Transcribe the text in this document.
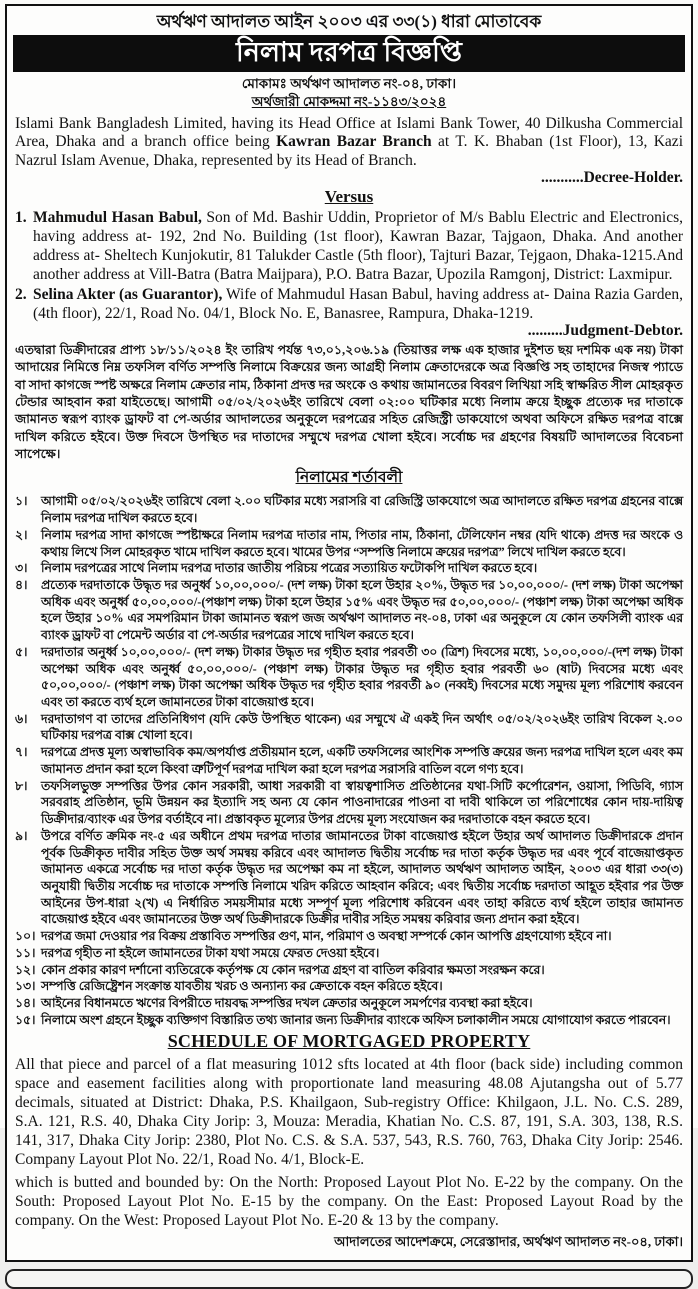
অর্থঋণ আদালত আইন ২০০৩ এর ৩৩(১) ধারা মোতাবেক
নিলাম দরপত্র বিজ্ঞপ্তি
মোকামঃ অর্থঋণ আদালত নং-০৪, ঢাকা।
অর্থজারী মোকদ্দমা নং-১১৪৩/২০২৪

Islami Bank Bangladesh Limited, having its Head Office at Islami Bank Tower, 40 Dilkusha Commercial Area, Dhaka and a branch office being Kawran Bazar Branch at T. K. Bhaban (1st Floor), 13, Kazi Nazrul Islam Avenue, Dhaka, represented by its Head of Branch.

...........Decree-Holder.
Versus
1. Mahmudul Hasan Babul, Son of Md. Bashir Uddin, Proprietor of M/s Bablu Electric and Electronics, having address at- 192, 2nd No. Building (1st floor), Kawran Bazar, Tajgaon, Dhaka. And another address at- Sheltech Kunjokutir, 81 Talukder Castle (5th floor), Tajturi Bazar, Tejgaon, Dhaka-1215.And another address at Vill-Batra (Batra Maijpara), P.O. Batra Bazar, Upozila Ramgonj, District: Laxmipur.
2. Selina Akter (as Guarantor), Wife of Mahmudul Hasan Babul, having address at- Daina Razia Garden, (4th floor), 22/1, Road No. 04/1, Block No. E, Banasree, Rampura, Dhaka-1219.
.........Judgment-Debtor.

এতদ্বারা ডিক্রীদারের প্রাপ্য ১৮/১১/২০২৪ ইং তারিখ পর্যন্ত ৭৩,০১,২০৬.১৯ (তিয়াত্তর লক্ষ এক হাজার দুইশত ছয় দশমিক এক নয়) টাকা আদায়ের নিমিত্তে নিম্ন তফসিল বর্ণিত সম্পত্তি নিলামে বিক্রয়ের জন্য আগ্রহী নিলাম ক্রেতাদেরকে অত্র বিজ্ঞপ্তি সহ তাহাদের নিজস্ব প্যাডে বা সাদা কাগজে স্পষ্ট অক্ষরে নিলাম ক্রেতার নাম, ঠিকানা প্রদত্ত দর অংকে ও কথায় জামানতের বিবরণ লিখিয়া সহি স্বাক্ষরিত সীল মোহরকৃত টেন্ডার আহবান করা যাইতেছে। আগামী ০৫/০২/২০২৬ইং তারিখে বেলা ০২:০০ ঘটিকার মধ্যে নিলাম ক্রয়ে ইচ্ছুক প্রত্যেক দর দাতাকে জামানত স্বরূপ ব্যাংক ড্রাফট বা পে-অর্ডার আদালতের অনুকূলে দরপত্রের সহিত রেজিস্ট্রী ডাকযোগে অথবা অফিসে রক্ষিত দরপত্র বাক্সে দাখিল করিতে হইবে। উক্ত দিবসে উপস্থিত দর দাতাদের সম্মুখে দরপত্র খোলা হইবে। সর্বোচ্চ দর গ্রহণের বিষয়টি আদালতের বিবেচনা সাপেক্ষে।

নিলামের শর্তাবলী
১।	আগামী ০৫/০২/২০২৬ইং তারিখে বেলা ২.০০ ঘটিকার মধ্যে সরাসরি বা রেজিস্ট্রি ডাকযোগে অত্র আদালতে রক্ষিত দরপত্র গ্রহনের বাক্সে নিলাম দরপত্র দাখিল করতে হবে।
২।	নিলাম দরপত্র সাদা কাগজে স্পষ্টাক্ষরে নিলাম দরপত্র দাতার নাম, পিতার নাম, ঠিকানা, টেলিফোন নম্বর (যদি থাকে) প্রদত্ত দর অংকে ও কথায় লিখে সিল মোহরকৃত খামে দাখিল করতে হবে। খামের উপর “সম্পত্তি নিলামে ক্রয়ের দরপত্র” লিখে দাখিল করতে হবে।
৩।	নিলাম দরপত্রের সাথে নিলাম দরপত্র দাতার জাতীয় পরিচয় পত্রের সত্যায়িত ফটোকপি দাখিল করতে হবে।
৪।	প্রত্যেক দরদাতাকে উদ্ধৃত দর অনুর্ধ্ব ১০,০০,০০০/- (দশ লক্ষ) টাকা হলে উহার ২০%, উদ্ধৃত দর ১০,০০,০০০/- (দশ লক্ষ) টাকা অপেক্ষা অধিক এবং অনুর্ধ্ব ৫০,০০,০০০/-(পঞ্চাশ লক্ষ) টাকা হলে উহার ১৫% এবং উদ্ধৃত দর ৫০,০০,০০০/- (পঞ্চাশ লক্ষ) টাকা অপেক্ষা অধিক হলে উহার ১০% এর সমপরিমান টাকা জামানত স্বরূপ জজ অর্থঋণ আদালত নং-০৪, ঢাকা এর অনুকূলে যে কোন তফসিলী ব্যাংক এর ব্যাংক ড্রাফট বা পেমেন্ট অর্ডার বা পে-অর্ডার দরপত্রের সাথে দাখিল করতে হবে।
৫।	দরদাতার অনুর্ধ্ব ১০,০০,০০০/- (দশ লক্ষ) টাকার উদ্ধৃত দর গৃহীত হবার পরবর্তী ৩০ (ত্রিশ) দিবসের মধ্যে, ১০,০০,০০০/-(দশ লক্ষ) টাকা অপেক্ষা অধিক এবং অনুর্ধ্ব ৫০,০০,০০০/- (পঞ্চাশ লক্ষ) টাকার উদ্ধৃত দর গৃহীত হবার পরবর্তী ৬০ (ষাট) দিবসের মধ্যে এবং ৫০,০০,০০০/- (পঞ্চাশ লক্ষ) টাকা অপেক্ষা অধিক উদ্ধৃত দর গৃহীত হবার পরবর্তী ৯০ (নব্বই) দিবসের মধ্যে সমুদয় মূল্য পরিশোধ করবেন এবং তা করতে ব্যর্থ হলে জামানতের টাকা বাজেয়াপ্ত হবে।
৬।	দরদাতাগণ বা তাদের প্রতিনিধিগণ (যদি কেউ উপস্থিত থাকেন) এর সম্মুখে ঐ একই দিন অর্থাৎ ০৫/০২/২০২৬ইং তারিখ বিকেল ২.০০ ঘটিকায় দরপত্র বাক্স খোলা হবে।
৭।	দরপত্রে প্রদত্ত মূল্য অস্বাভাবিক কম/অপর্যাপ্ত প্রতীয়মান হলে, একটি তফসিলের আংশিক সম্পত্তি ক্রয়ের জন্য দরপত্র দাখিল হলে এবং কম জামানত প্রদান করা হলে কিংবা ত্রুটিপূর্ণ দরপত্র দাখিল করা হলে দরপত্র সরাসরি বাতিল বলে গণ্য হবে।
৮।	তফসিলভুক্ত সম্পত্তির উপর কোন সরকারী, আধা সরকারী বা স্বায়ত্বশাসিত প্রতিষ্ঠানের যথা-সিটি কর্পোরেশন, ওয়াসা, পিডিবি, গ্যাস সরবরাহ প্রতিষ্ঠান, ভূমি উন্নয়ন কর ইত্যাদি সহ অন্য যে কোন পাওনাদারের পাওনা বা দাবী থাকিলে তা পরিশোধের কোন দায়-দায়িত্ব ডিক্রীদার/ব্যাংক এর উপর বর্তাইবে না। প্রস্তাবকৃত মূল্যের উপর প্রদেয় মূল্য সংযোজন কর দরদাতাকে বহন করতে হবে।
৯।	উপরে বর্ণিত ক্রমিক নং-৫ এর অধীনে প্রথম দরপত্র দাতার জামানতের টাকা বাজেয়াপ্ত হইলে উহার অর্থ আদালত ডিক্রীদারকে প্রদান পূর্বক ডিক্রীকৃত দাবীর সহিত উক্ত অর্থ সমন্বয় করিবে এবং আদালত দ্বিতীয় সর্বোচ্চ দর দাতা কর্তৃক উদ্ধৃত দর এবং পূর্বে বাজেয়াপ্তকৃত জামানত একত্রে সর্বোচ্চ দর দাতা কর্তৃক উদ্ধৃত দর অপেক্ষা কম না হইলে, আদালত অর্থঋণ আদালত আইন, ২০০৩ এর ধারা ৩৩(৩) অনুযায়ী দ্বিতীয় সর্বোচ্চ দর দাতাকে সম্পত্তি নিলামে খরিদ করিতে আহবান করিবে; এবং দ্বিতীয় সর্বোচ্চ দরদাতা আহূত হইবার পর উক্ত আইনের উপ-ধারা ২(খ) এ নির্ধারিত সময়সীমার মধ্যে সম্পূর্ণ মূল্য পরিশোধ করিবেন এবং তাহা করিতে ব্যর্থ হইলে তাহার জামানত বাজেয়াপ্ত হইবে এবং জামানতের উক্ত অর্থ ডিক্রীদারকে ডিক্রীর দাবীর সহিত সমন্বয় করিবার জন্য প্রদান করা হইবে।
১০। দরপত্র জমা দেওয়ার পর বিক্রয় প্রস্তাবিত সম্পত্তির গুণ, মান, পরিমাণ ও অবস্থা সম্পর্কে কোন আপত্তি গ্রহণযোগ্য হইবে না।
১১। দরপত্র গৃহীত না হইলে জামানতের টাকা যথা সময়ে ফেরত দেওয়া হইবে।
১২। কোন প্রকার কারণ দর্শানো ব্যতিরেকে কর্তৃপক্ষ যে কোন দরপত্র গ্রহণ বা বাতিল করিবার ক্ষমতা সংরক্ষন করে।
১৩। সম্পত্তি রেজিষ্ট্রেশন সংক্রান্ত যাবতীয় খরচ ও অন্যান্য কর ক্রেতাকে বহন করিতে হইবে।
১৪। আইনের বিধানমতে ঋণের বিপরীতে দায়বদ্ধ সম্পত্তির দখল ক্রেতার অনুকূলে সমর্পণের ব্যবস্থা করা হইবে।
১৫। নিলামে অংশ গ্রহনে ইচ্ছুক ব্যক্তিগণ বিস্তারিত তথ্য জানার জন্য ডিক্রীদার ব্যাংকে অফিস চলাকালীন সময়ে যোগাযোগ করতে পারবেন।
SCHEDULE OF MORTGAGED PROPERTY

All that piece and parcel of a flat measuring 1012 sfts located at 4th floor (back side) including common space and easement facilities along with proportionate land measuring 48.08 Ajutangsha out of 5.77 decimals, situated at District: Dhaka, P.S. Khailgaon, Sub-registry Office: Khilgaon, J.L. No. C.S. 289, S.A. 121, R.S. 40, Dhaka City Jorip: 3, Mouza: Meradia, Khatian No. C.S. 87, 191, S.A. 303, 138, R.S. 141, 317, Dhaka City Jorip: 2380, Plot No. C.S. & S.A. 537, 543, R.S. 760, 763, Dhaka City Jorip: 2546. Company Layout Plot No. 22/1, Road No. 4/1, Block-E.

which is butted and bounded by: On the North: Proposed Layout Plot No. E-22 by the company. On the South: Proposed Layout Plot No. E-15 by the company. On the East: Proposed Layout Road by the company. On the West: Proposed Layout Plot No. E-20 & 13 by the company.

আদালতের আদেশক্রমে, সেরেস্তাদার, অর্থঋণ আদালত নং-০৪, ঢাকা।
